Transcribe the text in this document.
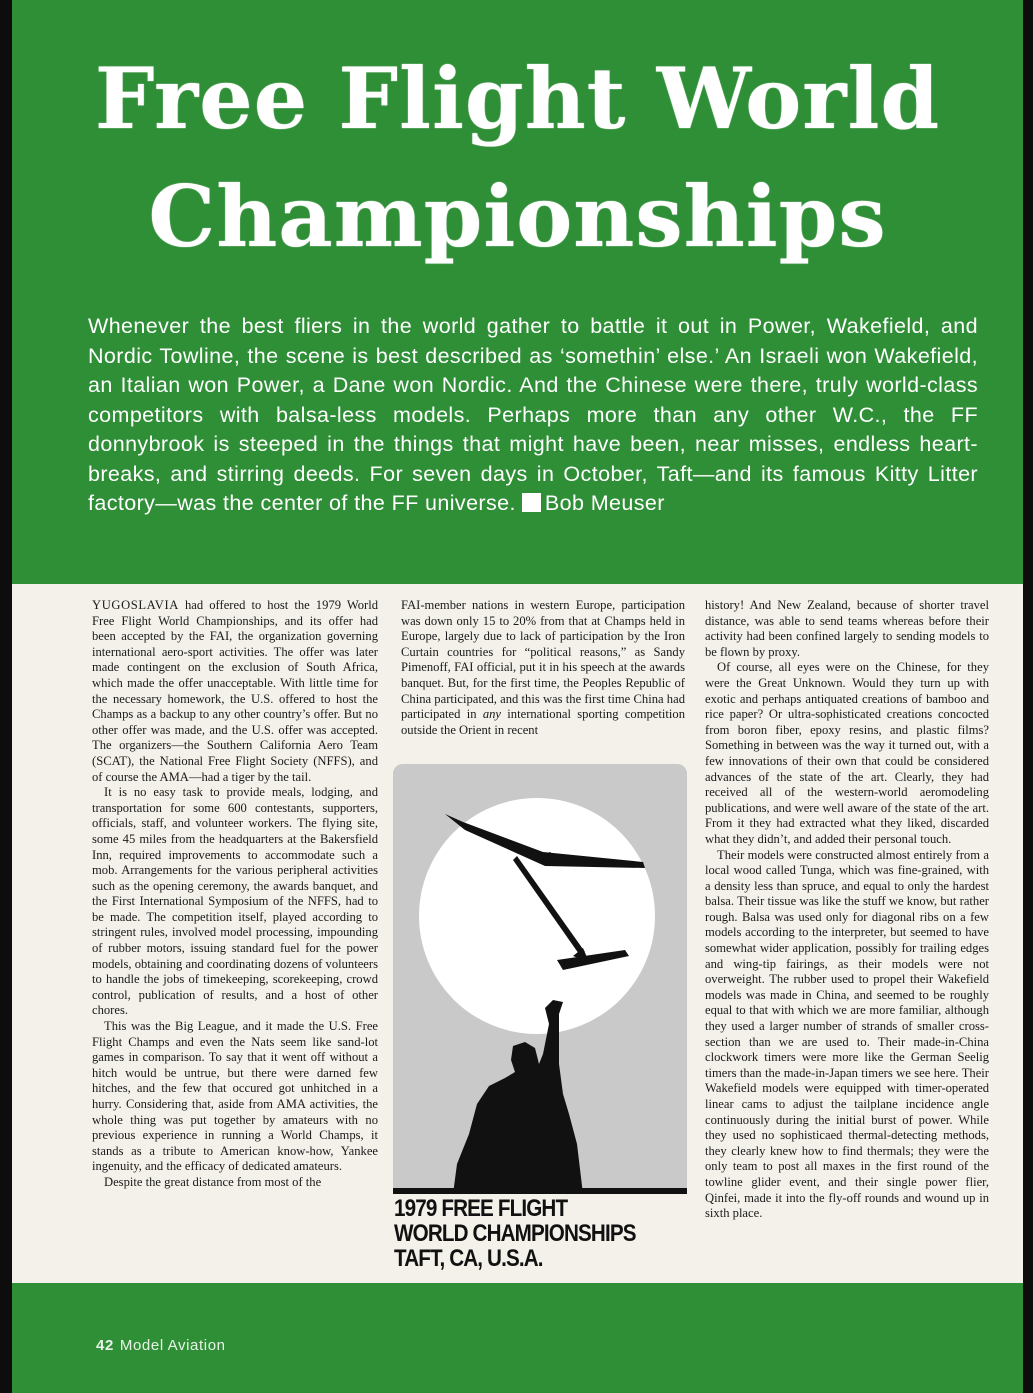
Free Flight World
Championships
Whenever the best fliers in the world gather to battle it out in Power, Wakefield, and Nordic Towline, the scene is best described as ‘somethin’ else.’ An Israeli won Wakefield, an Italian won Power, a Dane won Nordic. And the Chinese were there, truly world-class competitors with balsa-less models. Perhaps more than any other W.C., the FF donnybrook is steeped in the things that might have been, near misses, endless heart-breaks, and stirring deeds. For seven days in October, Taft—and its famous Kitty Litter factory—was the center of the FF universe. Bob Meuser

YUGOSLAVIA had offered to host the 1979 World Free Flight World Championships, and its offer had been accepted by the FAI, the organization governing international aero-sport activities. The offer was later made contingent on the exclusion of South Africa, which made the offer unacceptable. With little time for the necessary homework, the U.S. offered to host the Champs as a backup to any other country’s offer. But no other offer was made, and the U.S. offer was accepted. The organizers—the Southern California Aero Team (SCAT), the National Free Flight Society (NFFS), and of course the AMA—had a tiger by the tail.

It is no easy task to provide meals, lodging, and transportation for some 600 contestants, supporters, officials, staff, and volunteer workers. The flying site, some 45 miles from the headquarters at the Bakersfield Inn, required improvements to accommodate such a mob. Arrangements for the various peripheral activities such as the opening ceremony, the awards banquet, and the First International Symposium of the NFFS, had to be made. The competition itself, played according to stringent rules, involved model processing, impounding of rubber motors, issuing standard fuel for the power models, obtaining and coordinating dozens of volunteers to handle the jobs of timekeeping, scorekeeping, crowd control, publication of results, and a host of other chores.

This was the Big League, and it made the U.S. Free Flight Champs and even the Nats seem like sand-lot games in comparison. To say that it went off without a hitch would be untrue, but there were darned few hitches, and the few that occured got unhitched in a hurry. Considering that, aside from AMA activities, the whole thing was put together by amateurs with no previous experience in running a World Champs, it stands as a tribute to American know-how, Yankee ingenuity, and the efficacy of dedicated amateurs.

Despite the great distance from most of the

FAI-member nations in western Europe, participation was down only 15 to 20% from that at Champs held in Europe, largely due to lack of participation by the Iron Curtain countries for “political reasons,” as Sandy Pimenoff, FAI official, put it in his speech at the awards banquet. But, for the first time, the Peoples Republic of China participated, and this was the first time China had participated in any international sporting competition outside the Orient in recent

1979 FREE FLIGHT
WORLD CHAMPIONSHIPS
TAFT, CA, U.S.A.

history! And New Zealand, because of shorter travel distance, was able to send teams whereas before their activity had been confined largely to sending models to be flown by proxy.

Of course, all eyes were on the Chinese, for they were the Great Unknown. Would they turn up with exotic and perhaps antiquated creations of bamboo and rice paper? Or ultra-sophisticated creations concocted from boron fiber, epoxy resins, and plastic films? Something in between was the way it turned out, with a few innovations of their own that could be considered advances of the state of the art. Clearly, they had received all of the western-world aeromodeling publications, and were well aware of the state of the art. From it they had extracted what they liked, discarded what they didn’t, and added their personal touch.

Their models were constructed almost entirely from a local wood called Tunga, which was fine-grained, with a density less than spruce, and equal to only the hardest balsa. Their tissue was like the stuff we know, but rather rough. Balsa was used only for diagonal ribs on a few models according to the interpreter, but seemed to have somewhat wider application, possibly for trailing edges and wing-tip fairings, as their models were not overweight. The rubber used to propel their Wakefield models was made in China, and seemed to be roughly equal to that with which we are more familiar, although they used a larger number of strands of smaller cross-section than we are used to. Their made-in-China clockwork timers were more like the German Seelig timers than the made-in-Japan timers we see here. Their Wakefield models were equipped with timer-operated linear cams to adjust the tailplane incidence angle continuously during the initial burst of power. While they used no sophisticaed thermal-detecting methods, they clearly knew how to find thermals; they were the only team to post all maxes in the first round of the towline glider event, and their single power flier, Qinfei, made it into the fly-off rounds and wound up in sixth place.

42 Model Aviation
